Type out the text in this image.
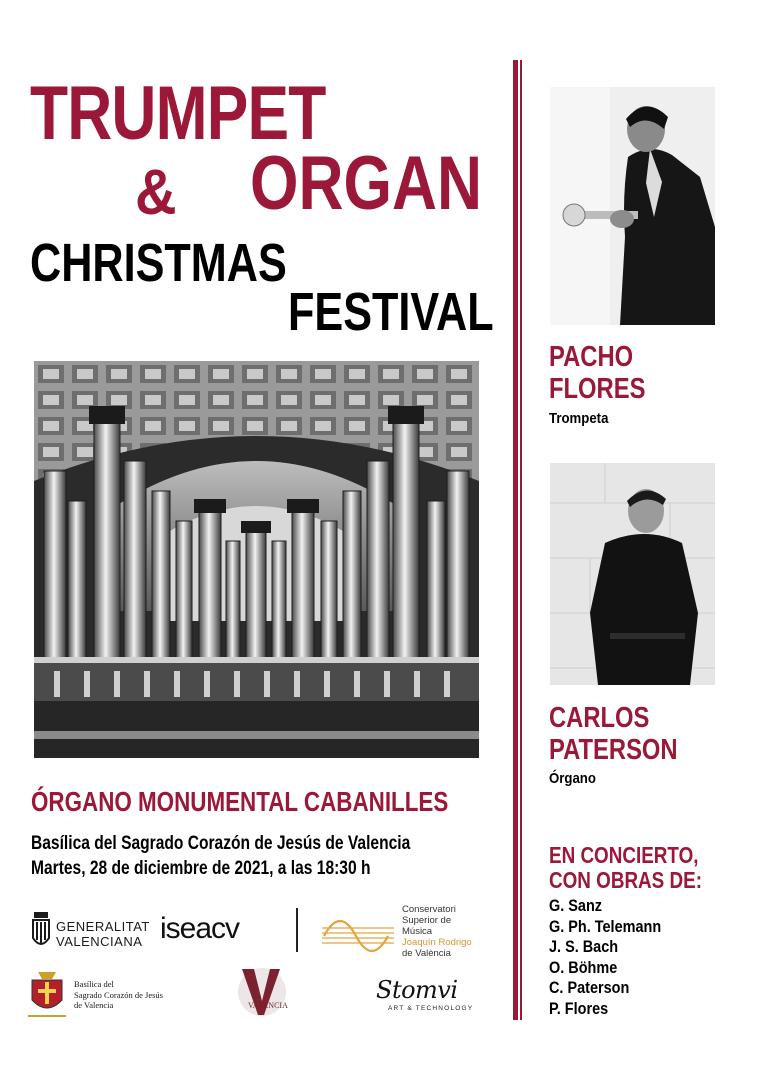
TRUMPET
& ORGAN
CHRISTMAS
FESTIVAL
PACHO
FLORES
Trompeta
CARLOS
PATERSON
Órgano
ÓRGANO MONUMENTAL CABANILLES
Basílica del Sagrado Corazón de Jesús de Valencia
Martes, 28 de diciembre de 2021, a las 18:30 h
EN CONCIERTO,
CON OBRAS DE:
G. Sanz
G. Ph. Telemann
J. S. Bach
O. Böhme
C. Paterson
P. Flores
GENERALITAT
VALENCIANA iseacv
Conservatori
Superior de Música
Joaquín Rodrigo
de València
Basílica del
Sagrado Corazón de Jesús
de Valencia	VALENCIA
Stomvi
ART & TECHNOLOGY
